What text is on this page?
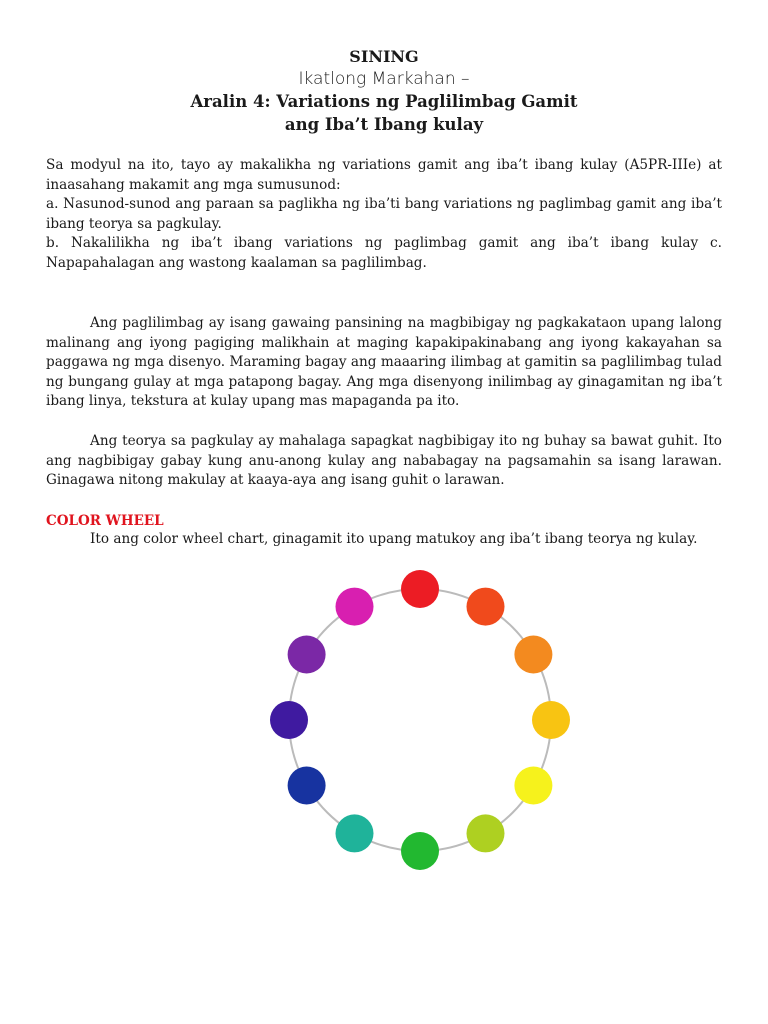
SINING
Ikatlong Markahan –
Aralin 4: Variations ng Paglilimbag Gamit
ang Iba’t Ibang kulay

Sa modyul na ito, tayo ay makalikha ng variations gamit ang iba’t ibang kulay (A5PR-IIIe) at inaasahang makamit ang mga sumusunod:

a. Nasunod-sunod ang paraan sa paglikha ng iba’ti bang variations ng paglimbag gamit ang iba’t ibang teorya sa pagkulay.

b. Nakalilikha ng iba’t ibang variations ng paglimbag gamit ang iba’t ibang kulay c. Napapahalagan ang wastong kaalaman sa paglilimbag.

Ang paglilimbag ay isang gawaing pansining na magbibigay ng pagkakataon upang lalong malinang ang iyong pagiging malikhain at maging kapakipakinabang ang iyong kakayahan sa paggawa ng mga disenyo. Maraming bagay ang maaaring ilimbag at gamitin sa paglilimbag tulad ng bungang gulay at mga patapong bagay. Ang mga disenyong inilimbag ay ginagamitan ng iba’t ibang linya, tekstura at kulay upang mas mapaganda pa ito.

Ang teorya sa pagkulay ay mahalaga sapagkat nagbibigay ito ng buhay sa bawat guhit. Ito ang nagbibigay gabay kung anu-anong kulay ang nababagay na pagsamahin sa isang larawan. Ginagawa nitong makulay at kaaya-aya ang isang guhit o larawan.

COLOR WHEEL
Ito ang color wheel chart, ginagamit ito upang matukoy ang iba’t ibang teorya ng kulay.
